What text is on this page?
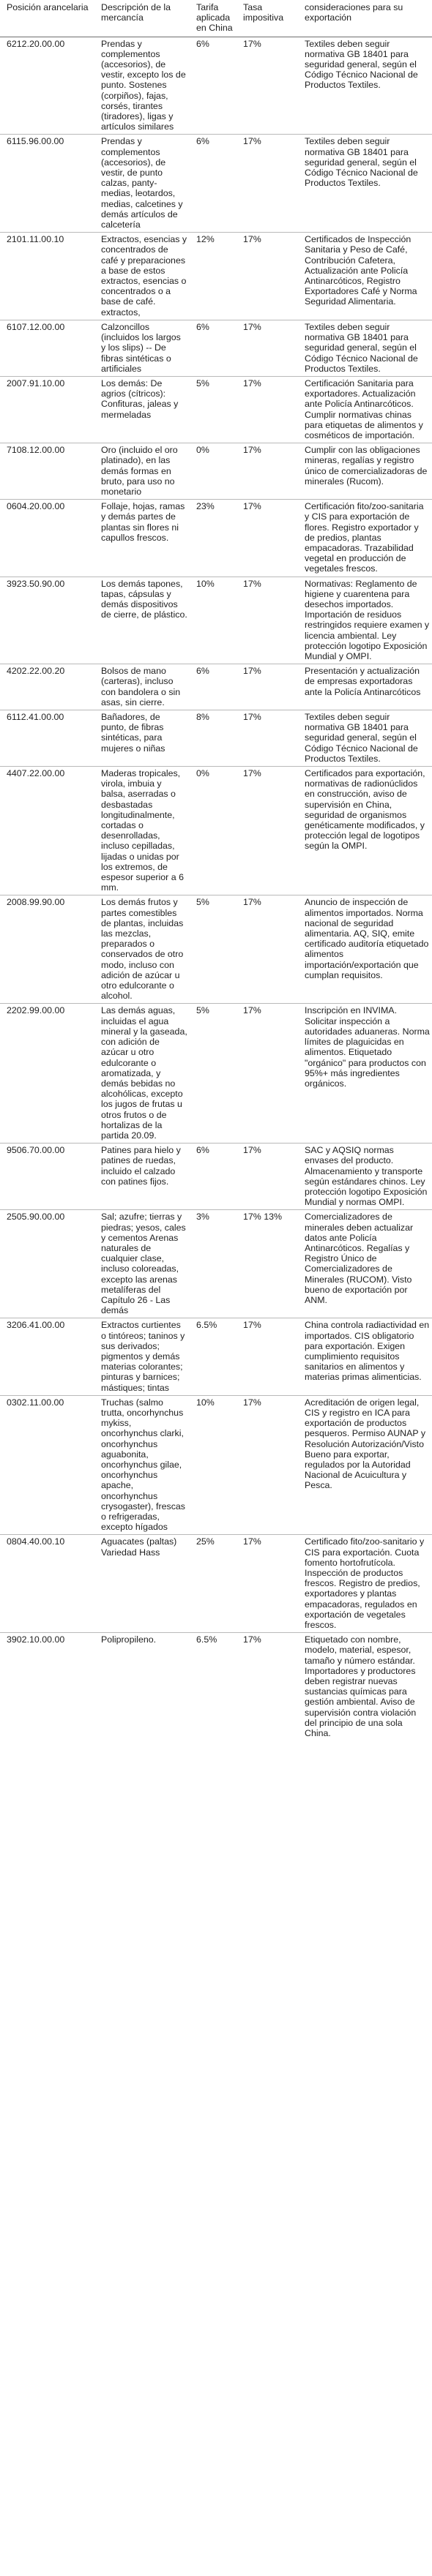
Posición arancelaria	Descripción de la mercancía	Tarifa aplicada en China	Tasa impositiva	consideraciones para su exportación
6212.20.00.00	Prendas y complementos (accesorios), de vestir, excepto los de punto. Sostenes (corpiños), fajas, corsés, tirantes (tiradores), ligas y artículos similares	6%	17%	Textiles deben seguir normativa GB 18401 para seguridad general, según el Código Técnico Nacional de Productos Textiles.
6115.96.00.00	Prendas y complementos (accesorios), de vestir, de punto calzas, panty-medias, leotardos, medias, calcetines y demás artículos de calcetería	6%	17%	Textiles deben seguir normativa GB 18401 para seguridad general, según el Código Técnico Nacional de Productos Textiles.
2101.11.00.10	Extractos, esencias y concentrados de café y preparaciones a base de estos extractos, esencias o concentrados o a base de café. extractos,	12%	17%	Certificados de Inspección Sanitaria y Peso de Café, Contribución Cafetera, Actualización ante Policía Antinarcóticos, Registro Exportadores Café y Norma Seguridad Alimentaria.
6107.12.00.00	Calzoncillos (incluidos los largos y los slips) -- De fibras sintéticas o artificiales	6%	17%	Textiles deben seguir normativa GB 18401 para seguridad general, según el Código Técnico Nacional de Productos Textiles.
2007.91.10.00	Los demás: De agrios (cítricos): Confituras, jaleas y mermeladas	5%	17%	Certificación Sanitaria para exportadores. Actualización ante Policía Antinarcóticos. Cumplir normativas chinas para etiquetas de alimentos y cosméticos de importación.
7108.12.00.00	Oro (incluido el oro platinado), en las demás formas en bruto, para uso no monetario	0%	17%	Cumplir con las obligaciones mineras, regalías y registro único de comercializadoras de minerales (Rucom).
0604.20.00.00	Follaje, hojas, ramas y demás partes de plantas sin flores ni capullos frescos.	23%	17%	Certificación fito/zoo-sanitaria y CIS para exportación de flores. Registro exportador y de predios, plantas empacadoras. Trazabilidad vegetal en producción de vegetales frescos.
3923.50.90.00	Los demás tapones, tapas, cápsulas y demás dispositivos de cierre, de plástico.	10%	17%	Normativas: Reglamento de higiene y cuarentena para desechos importados. Importación de residuos restringidos requiere examen y licencia ambiental. Ley protección logotipo Exposición Mundial y OMPI.
4202.22.00.20	Bolsos de mano (carteras), incluso con bandolera o sin asas, sin cierre.	6%	17%	Presentación y actualización de empresas exportadoras ante la Policía Antinarcóticos
6112.41.00.00	Bañadores, de punto, de fibras sintéticas, para mujeres o niñas	8%	17%	Textiles deben seguir normativa GB 18401 para seguridad general, según el Código Técnico Nacional de Productos Textiles.
4407.22.00.00	Maderas tropicales, virola, imbuia y balsa, aserradas o desbastadas longitudinalmente, cortadas o desenrolladas, incluso cepilladas, lijadas o unidas por los extremos, de espesor superior a 6 mm.	0%	17%	Certificados para exportación, normativas de radionúclidos en construcción, aviso de supervisión en China, seguridad de organismos genéticamente modificados, y protección legal de logotipos según la OMPI.
2008.99.90.00	Los demás frutos y partes comestibles de plantas, incluidas las mezclas, preparados o conservados de otro modo, incluso con adición de azúcar u otro edulcorante o alcohol.	5%	17%	Anuncio de inspección de alimentos importados. Norma nacional de seguridad alimentaria. AQ, SIQ, emite certificado auditoría etiquetado alimentos importación/exportación que cumplan requisitos.
2202.99.00.00	Las demás aguas, incluidas el agua mineral y la gaseada, con adición de azúcar u otro edulcorante o aromatizada, y demás bebidas no alcohólicas, excepto los jugos de frutas u otros frutos o de hortalizas de la partida 20.09.	5%	17%	Inscripción en INVIMA. Solicitar inspección a autoridades aduaneras. Norma límites de plaguicidas en alimentos. Etiquetado "orgánico" para productos con 95%+ más ingredientes orgánicos.
9506.70.00.00	Patines para hielo y patines de ruedas, incluido el calzado con patines fijos.	6%	17%	SAC y AQSIQ normas envases del producto. Almacenamiento y transporte según estándares chinos. Ley protección logotipo Exposición Mundial y normas OMPI.
2505.90.00.00	Sal; azufre; tierras y piedras; yesos, cales y cementos Arenas naturales de cualquier clase, incluso coloreadas, excepto las arenas metalíferas del Capítulo 26 - Las demás	3%	17% 13%	Comercializadores de minerales deben actualizar datos ante Policía Antinarcóticos. Regalías y Registro Único de Comercializadores de Minerales (RUCOM). Visto bueno de exportación por ANM.
3206.41.00.00	Extractos curtientes o tintóreos; taninos y sus derivados; pigmentos y demás materias colorantes; pinturas y barnices; mástiques; tintas	6.5%	17%	China controla radiactividad en importados. CIS obligatorio para exportación. Exigen cumplimiento requisitos sanitarios en alimentos y materias primas alimenticias.
0302.11.00.00	Truchas (salmo trutta, oncorhynchus mykiss, oncorhynchus clarki, oncorhynchus aguabonita, oncorhynchus gilae, oncorhynchus apache, oncorhynchus crysogaster), frescas o refrigeradas, excepto hígados	10%	17%	Acreditación de origen legal, CIS y registro en ICA para exportación de productos pesqueros. Permiso AUNAP y Resolución Autorización/Visto Bueno para exportar, regulados por la Autoridad Nacional de Acuicultura y Pesca.
0804.40.00.10	Aguacates (paltas) Variedad Hass	25%	17%	Certificado fito/zoo-sanitario y CIS para exportación. Cuota fomento hortofrutícola. Inspección de productos frescos. Registro de predios, exportadores y plantas empacadoras, regulados en exportación de vegetales frescos.
3902.10.00.00	Polipropileno.	6.5%	17%	Etiquetado con nombre, modelo, material, espesor, tamaño y número estándar. Importadores y productores deben registrar nuevas sustancias químicas para gestión ambiental. Aviso de supervisión contra violación del principio de una sola China.
